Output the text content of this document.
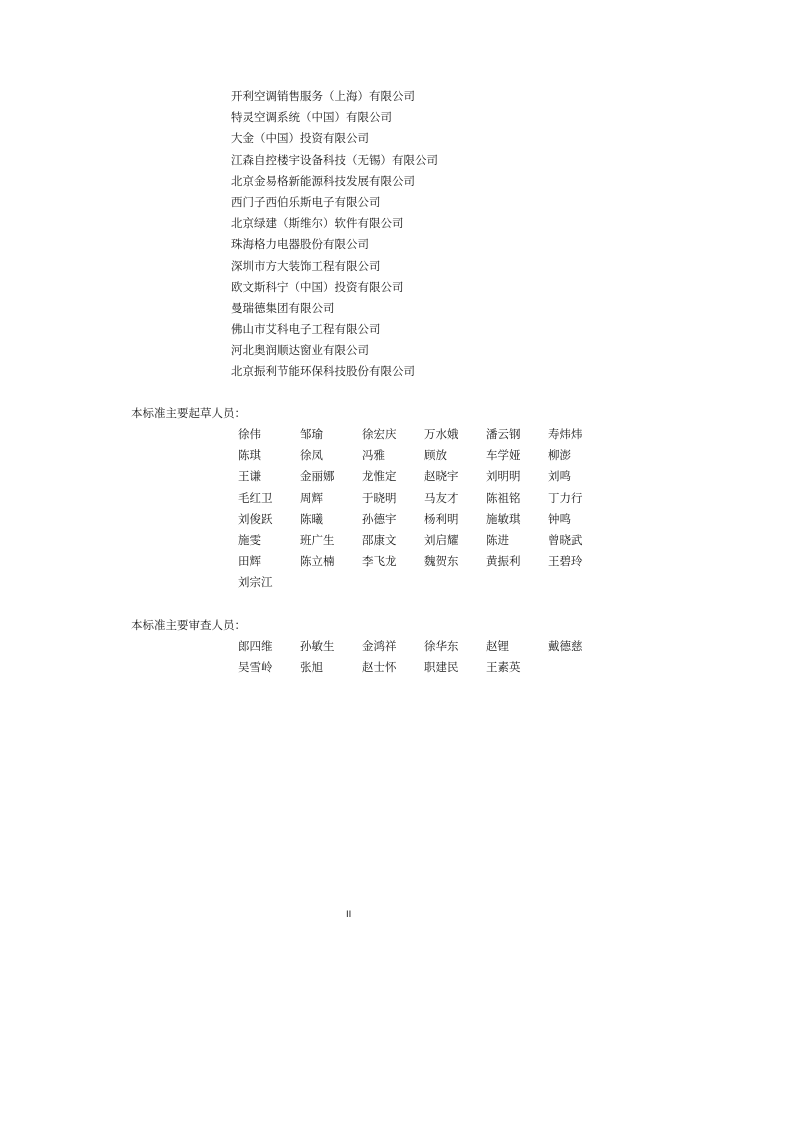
开利空调销售服务（上海）有限公司
特灵空调系统（中国）有限公司
大金（中国）投资有限公司
江森自控楼宇设备科技（无锡）有限公司
北京金易格新能源科技发展有限公司
西门子西伯乐斯电子有限公司
北京绿建（斯维尔）软件有限公司
珠海格力电器股份有限公司
深圳市方大装饰工程有限公司
欧文斯科宁（中国）投资有限公司
曼瑞德集团有限公司
佛山市艾科电子工程有限公司
河北奥润顺达窗业有限公司
北京振利节能环保科技股份有限公司
本标准主要起草人员：
徐伟	邹瑜	徐宏庆	万水娥	潘云钢	寿炜炜
陈琪	徐凤	冯雅	顾放	车学娅	柳澎
王谦	金丽娜	龙惟定	赵晓宇	刘明明	刘鸣
毛红卫	周辉	于晓明	马友才	陈祖铭	丁力行
刘俊跃	陈曦	孙德宇	杨利明	施敏琪	钟鸣
施雯	班广生	邵康文	刘启耀	陈进	曾晓武
田辉	陈立楠	李飞龙	魏贺东	黄振利	王碧玲
刘宗江
本标准主要审查人员：
郎四维	孙敏生	金鸿祥	徐华东	赵锂	戴德慈
吴雪岭	张旭	赵士怀	职建民	王素英
II
